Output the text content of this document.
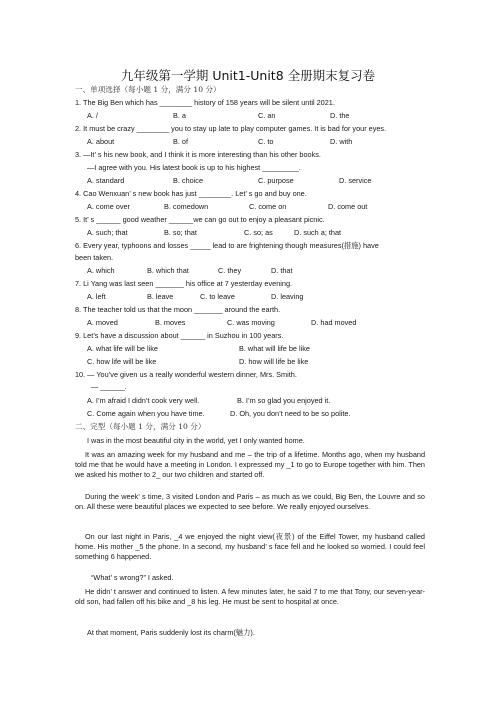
九年级第一学期 Unit1-Unit8 全册期末复习卷
一、单项选择（每小题 1 分，满分 10 分）
1. The Big Ben which has ________ history of 158 years will be silent until 2021.
A. /	B. a	C. an	D. the
2. It must be crazy ________ you to stay up late to play computer games. It is bad for your eyes.
A. about	B. of	C. to	D. with
3. —It’ s his new book, and I think it is more interesting than his other books.
—I agree with you. His latest book is up to his highest _________.
A. standard	B. choice	C. purpose	D. service
4. Cao Wenxuan’ s new book has just ________. Let’ s go and buy one.
A. come over	B. comedown	C. come on	D. come out
5. It’ s ______ good weather ______we can go out to enjoy a pleasant picnic.
A. such; that	B. so; that	C. so; as	D. such a; that
6. Every year, typhoons and losses _____ lead to are frightening though measures(措施) have
been taken.
A. which	B. which that	C. they	D. that
7. Li Yang was last seen _______ his office at 7 yesterday evening.
A. left	B. leave	C. to leave	D. leaving
8. The teacher told us that the moon _______ around the earth.
A. moved	B. moves	C. was moving	D. had moved
9. Let’s have a discussion about ______ in Suzhou in 100 years.
A. what life will be like	B. what will life be like
C. how life will be like	D. how will life be like
10. — You’ve given us a really wonderful western dinner, Mrs. Smith.
— ______.
A. I’m afraid I didn’t cook very well.	B. I’m so glad you enjoyed it.
C. Come again when you have time.	D. Oh, you don’t need to be so polite.
二、完型（每小题 1 分，满分 10 分）
I was in the most beautiful city in the world, yet I only wanted home.
It was an amazing week for my husband and me – the trip of a lifetime. Months ago, when my husband told me that he would have a meeting in London. I expressed my _1 to go to Europe together with him. Then we asked his mother to 2_ our two children and started off.
During the week’ s time, 3 visited London and Paris – as much as we could, Big Ben, the Louvre and so on. All these were beautiful places we expected to see before. We really enjoyed ourselves.
On our last night in Paris, _4 we enjoyed the night view(夜景) of the Eiffel Tower, my husband called home. His mother _5 the phone. In a second, my husband’ s face fell and he looked so worried. I could feel something 6 happened.
“What’ s wrong?” I asked.
He didn’ t answer and continued to listen. A few minutes later, he said 7 to me that Tony, our seven-year-old son, had fallen off his bike and _8 his leg. He must be sent to hospital at once.
At that moment, Paris suddenly lost its charm(魅力).
